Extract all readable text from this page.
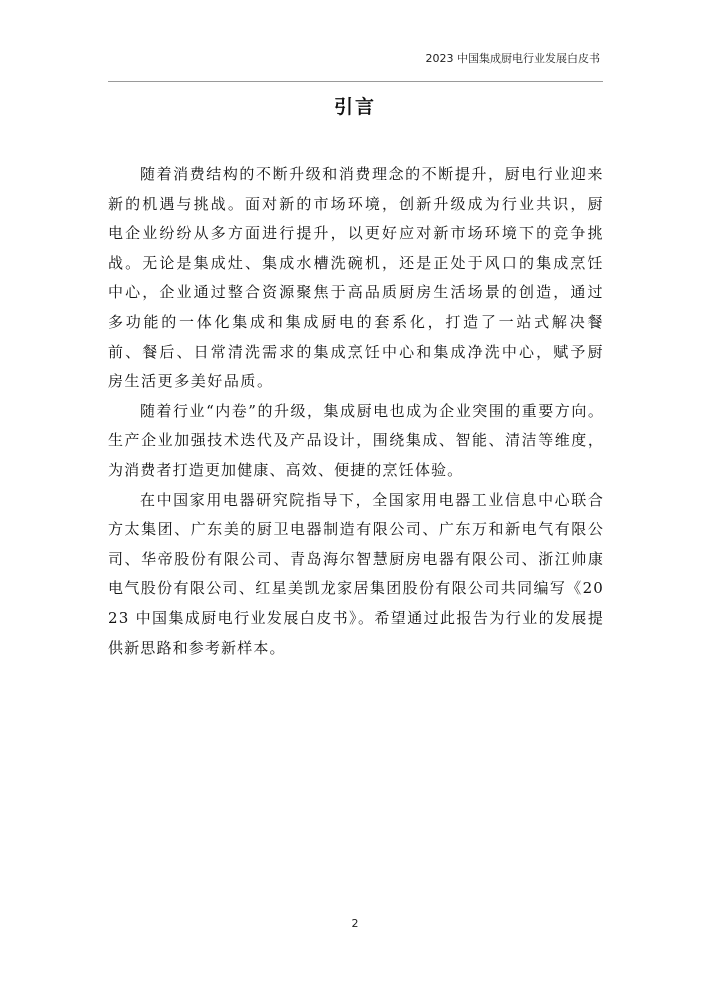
2023 中国集成厨电行业发展白皮书
引言

随着消费结构的不断升级和消费理念的不断提升，厨电行业迎来新的机遇与挑战。面对新的市场环境，创新升级成为行业共识，厨电企业纷纷从多方面进行提升，以更好应对新市场环境下的竞争挑战。无论是集成灶、集成水槽洗碗机，还是正处于风口的集成烹饪中心，企业通过整合资源聚焦于高品质厨房生活场景的创造，通过多功能的一体化集成和集成厨电的套系化，打造了一站式解决餐前、餐后、日常清洗需求的集成烹饪中心和集成净洗中心，赋予厨房生活更多美好品质。

随着行业“内卷”的升级，集成厨电也成为企业突围的重要方向。生产企业加强技术迭代及产品设计，围绕集成、智能、清洁等维度，为消费者打造更加健康、高效、便捷的烹饪体验。

在中国家用电器研究院指导下，全国家用电器工业信息中心联合方太集团、广东美的厨卫电器制造有限公司、广东万和新电气有限公司、华帝股份有限公司、青岛海尔智慧厨房电器有限公司、浙江帅康电气股份有限公司、红星美凯龙家居集团股份有限公司共同编写《2023 中国集成厨电行业发展白皮书》。希望通过此报告为行业的发展提供新思路和参考新样本。

2
